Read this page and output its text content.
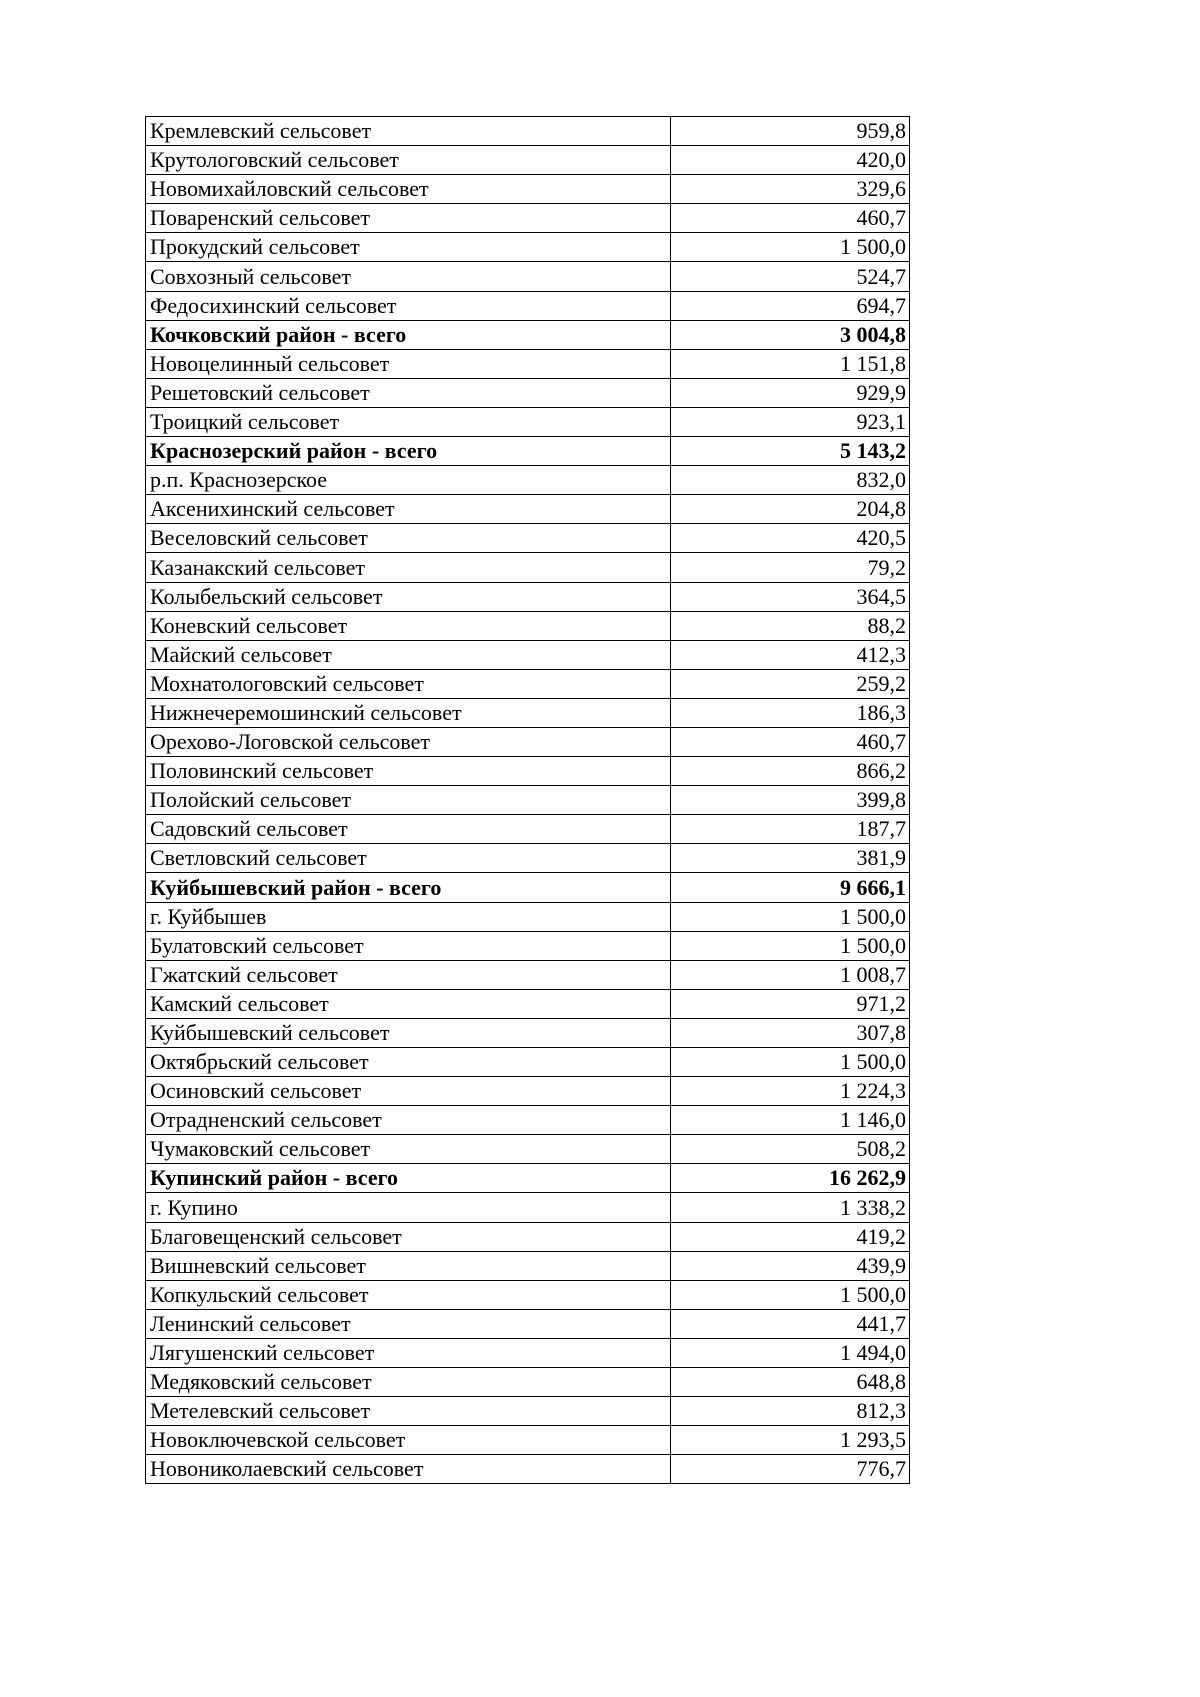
Кремлевский сельсовет	959,8
Крутологовский сельсовет	420,0
Новомихайловский сельсовет	329,6
Поваренский сельсовет	460,7
Прокудский сельсовет	1 500,0
Совхозный сельсовет	524,7
Федосихинский сельсовет	694,7
Кочковский район - всего	3 004,8
Новоцелинный сельсовет	1 151,8
Решетовский сельсовет	929,9
Троицкий сельсовет	923,1
Краснозерский район - всего	5 143,2
р.п. Краснозерское	832,0
Аксенихинский сельсовет	204,8
Веселовский сельсовет	420,5
Казанакский сельсовет	79,2
Колыбельский сельсовет	364,5
Коневский сельсовет	88,2
Майский сельсовет	412,3
Мохнатологовский сельсовет	259,2
Нижнечеремошинский сельсовет	186,3
Орехово-Логовской сельсовет	460,7
Половинский сельсовет	866,2
Полойский сельсовет	399,8
Садовский сельсовет	187,7
Светловский сельсовет	381,9
Куйбышевский район - всего	9 666,1
г. Куйбышев	1 500,0
Булатовский сельсовет	1 500,0
Гжатский сельсовет	1 008,7
Камский сельсовет	971,2
Куйбышевский сельсовет	307,8
Октябрьский сельсовет	1 500,0
Осиновский сельсовет	1 224,3
Отрадненский сельсовет	1 146,0
Чумаковский сельсовет	508,2
Купинский район - всего	16 262,9
г. Купино	1 338,2
Благовещенский сельсовет	419,2
Вишневский сельсовет	439,9
Копкульский сельсовет	1 500,0
Ленинский сельсовет	441,7
Лягушенский сельсовет	1 494,0
Медяковский сельсовет	648,8
Метелевский сельсовет	812,3
Новоключевской сельсовет	1 293,5
Новониколаевский сельсовет	776,7
